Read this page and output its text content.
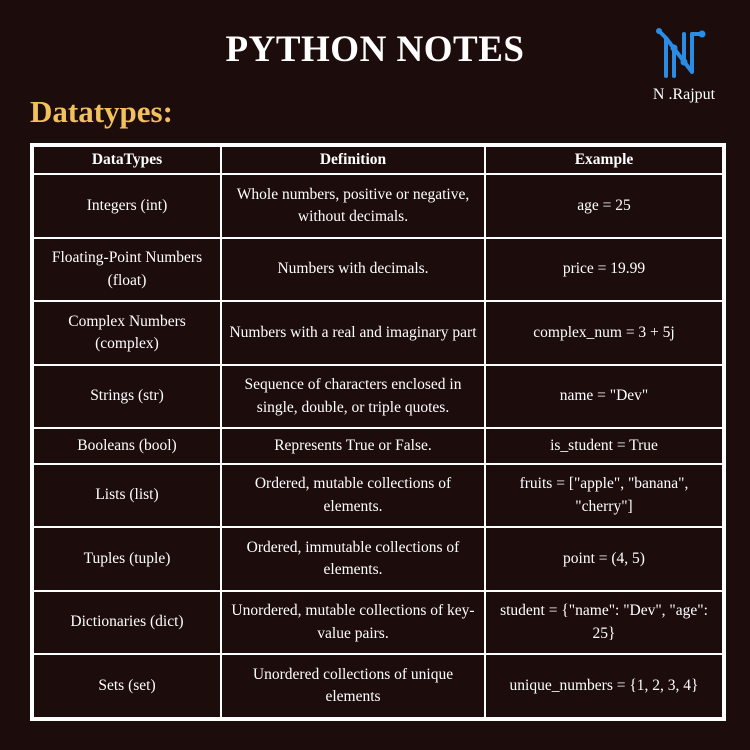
PYTHON NOTES
N .Rajput
Datatypes:
DataTypes	Definition	Example
Integers (int)	Whole numbers, positive or negative, without decimals.	age = 25
Floating-Point Numbers (float)	Numbers with decimals.	price = 19.99
Complex Numbers (complex)	Numbers with a real and imaginary part	complex_num = 3 + 5j
Strings (str)	Sequence of characters enclosed in single, double, or triple quotes.	name = "Dev"
Booleans (bool)	Represents True or False.	is_student = True
Lists (list)	Ordered, mutable collections of elements.	fruits = ["apple", "banana", "cherry"]
Tuples (tuple)	Ordered, immutable collections of elements.	point = (4, 5)
Dictionaries (dict)	Unordered, mutable collections of key-value pairs.	student = {"name": "Dev", "age": 25}
Sets (set)	Unordered collections of unique elements	unique_numbers = {1, 2, 3, 4}
